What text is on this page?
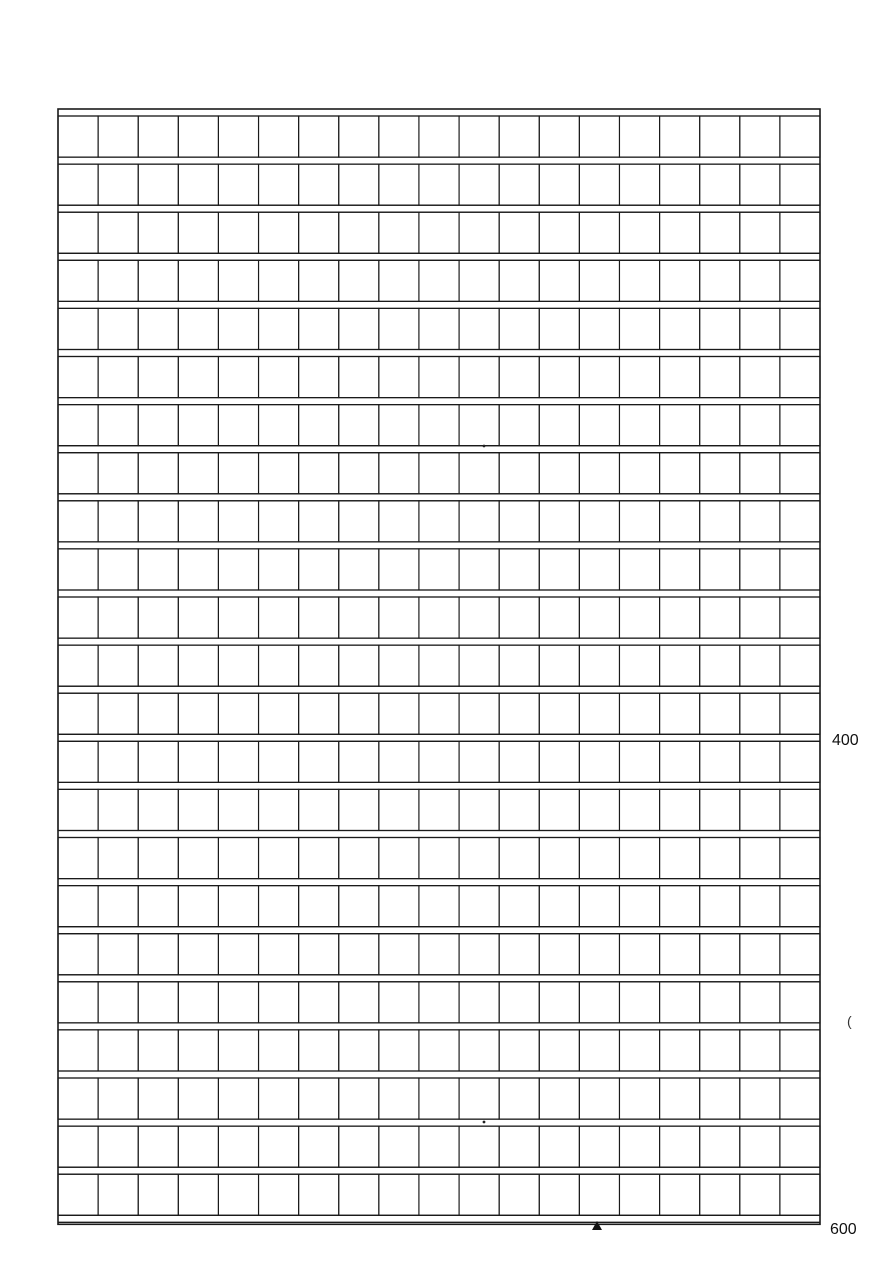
400
600
(
